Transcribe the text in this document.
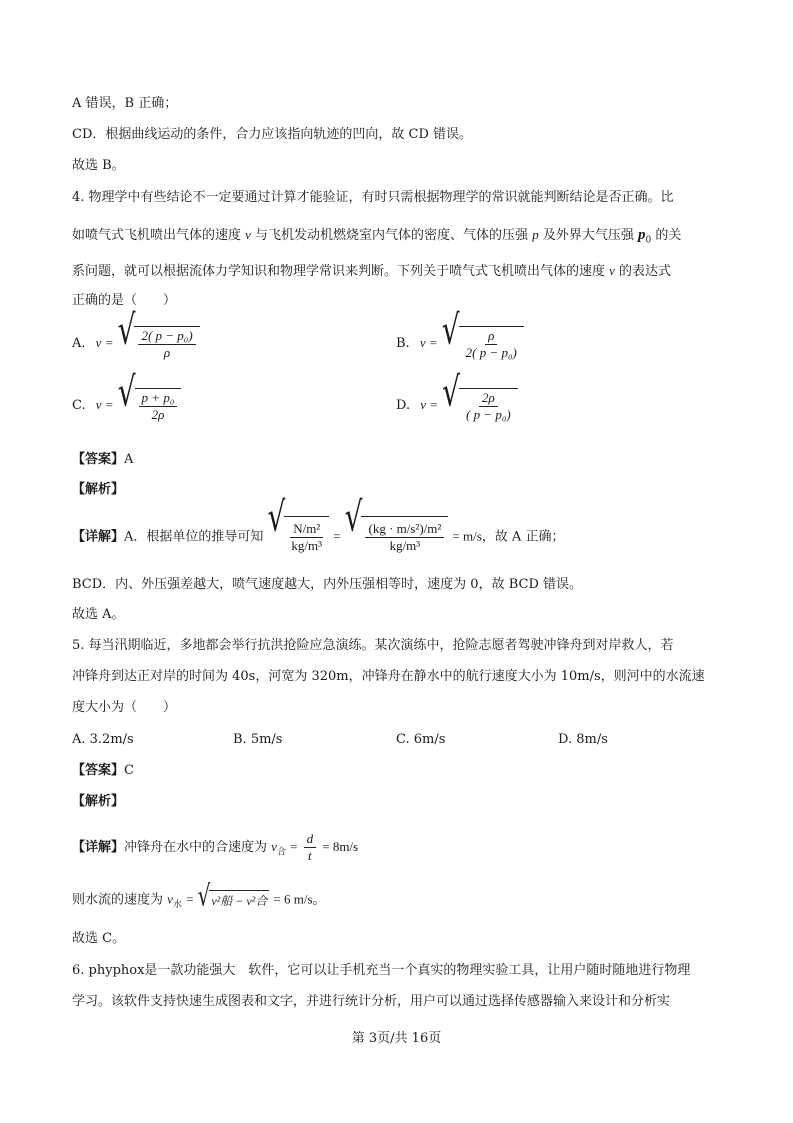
A 错误，B 正确；
CD．根据曲线运动的条件，合力应该指向轨迹的凹向，故 CD 错误。
故选 B。
4. 物理学中有些结论不一定要通过计算才能验证，有时只需根据物理学的常识就能判断结论是否正确。比
如喷气式飞机喷出气体的速度 v 与飞机发动机燃烧室内气体的密度、气体的压强 p 及外界大气压强 $p_0$ 的关
系问题，就可以根据流体力学知识和物理学常识来判断。下列关于喷气式飞机喷出气体的速度 v 的表达式
正确的是（　　）
A. v = √ $\frac{\text{2( p − p₀)}}{\rho}$	B. v = √ $\frac{\rho}{\text{2( p − p₀)}}$
C. v = √ $\frac{\text{p + p₀}}{2\rho}$	D. v = √ $\frac{2\rho}{\text{( p − p₀)}}$
【答案】A
【解析】
【详解】A．根据单位的推导可知 √ $\frac{\text{N/m²}}{\text{kg/m³}}$ = √ $\frac{\text{(kg · m/s²)/m²}}{\text{kg/m³}} = m/s$，故 A 正确；
BCD．内、外压强差越大，喷气速度越大，内外压强相等时，速度为 0，故 BCD 错误。
故选 A。
5. 每当汛期临近，多地都会举行抗洪抢险应急演练。某次演练中，抢险志愿者驾驶冲锋舟到对岸救人，若
冲锋舟到达正对岸的时间为 40s，河宽为 320m，冲锋舟在静水中的航行速度大小为 10m/s，则河中的水流速
度大小为（　　）
A. 3.2m/s	B. 5m/s	C. 6m/s	D. 8m/s
【答案】C
【解析】
【详解】冲锋舟在水中的合速度为 $v_合 = \frac{d}{t} = 8m/s$
则水流的速度为 $v_水$ = √ v²船 − v²合 = 6 m/s。
故选 C。
6. phyphox是一款功能强大　软件，它可以让手机充当一个真实的物理实验工具，让用户随时随地进行物理
学习。该软件支持快速生成图表和文字，并进行统计分析，用户可以通过选择传感器输入来设计和分析实
第 3页/共 16页
